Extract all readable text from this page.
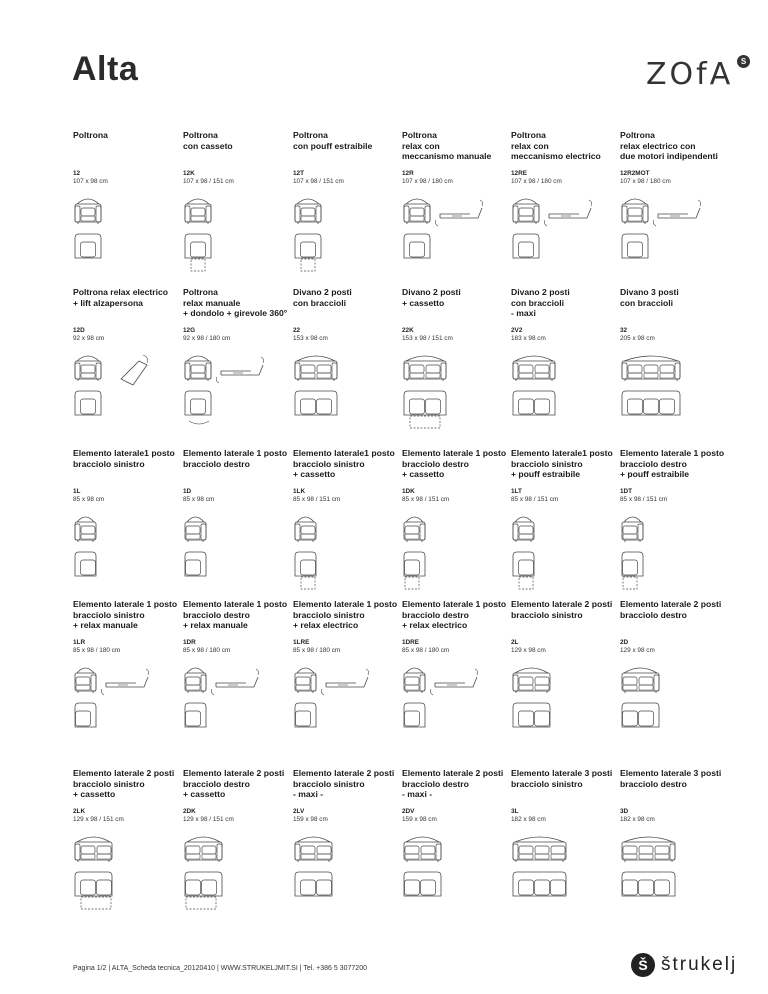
Alta	ZOfA S
Poltrona
12
107 x 98 cm
Poltrona
con casseto
12K
107 x 98 / 151 cm
Poltrona
con pouff estraibile
12T
107 x 98 / 151 cm
Poltrona
relax con
meccanismo manuale
12R
107 x 98 / 180 cm
Poltrona
relax con
meccanismo electrico
12RE
107 x 98 / 180 cm
Poltrona
relax electrico con
due motori indipendenti
12R2MOT
107 x 98 / 180 cm
Poltrona relax electrico
+ lift alzapersona
12D
92 x 98 cm
Poltrona
relax manuale
+ dondolo + girevole 360°
12G
92 x 98 / 180 cm
Divano 2 posti
con braccioli
22
153 x 98 cm
Divano 2 posti
+ cassetto
22K
153 x 98 / 151 cm
Divano 2 posti
con braccioli
- maxi
2V2
183 x 98 cm
Divano 3 posti
con braccioli
32
205 x 98 cm
Elemento laterale1 posto
bracciolo sinistro
1L
85 x 98 cm
Elemento laterale 1 posto
bracciolo destro
1D
85 x 98 cm
Elemento laterale1 posto
bracciolo sinistro
+ cassetto
1LK
85 x 98 / 151 cm
Elemento laterale 1 posto
bracciolo destro
+ cassetto
1DK
85 x 98 / 151 cm
Elemento laterale1 posto
bracciolo sinistro
+ pouff estraibile
1LT
85 x 98 / 151 cm
Elemento laterale 1 posto
bracciolo destro
+ pouff estraibile
1DT
85 x 98 / 151 cm
Elemento laterale 1 posto
bracciolo sinistro
+ relax manuale
1LR
85 x 98 / 180 cm
Elemento laterale 1 posto
bracciolo destro
+ relax manuale
1DR
85 x 98 / 180 cm
Elemento laterale 1 posto
bracciolo sinistro
+ relax electrico
1LRE
85 x 98 / 180 cm
Elemento laterale 1 posto
bracciolo destro
+ relax electrico
1DRE
85 x 98 / 180 cm
Elemento laterale 2 posti
bracciolo sinistro
2L
129 x 98 cm
Elemento laterale 2 posti
bracciolo destro
2D
129 x 98 cm
Elemento laterale 2 posti
bracciolo sinistro
+ cassetto
2LK
129 x 98 / 151 cm
Elemento laterale 2 posti
bracciolo destro
+ cassetto
2DK
129 x 98 / 151 cm
Elemento laterale 2 posti
bracciolo sinistro
- maxi -
2LV
159 x 98 cm
Elemento laterale 2 posti
bracciolo destro
- maxi -
2DV
159 x 98 cm
Elemento laterale 3 posti
bracciolo sinistro
3L
182 x 98 cm
Elemento laterale 3 posti
bracciolo destro
3D
182 x 98 cm
Pagina 1/2 | ALTA_Scheda tecnica_20120410 | WWW.STRUKELJMIT.SI | Tel. +386 5 3077200	Š štrukelj
